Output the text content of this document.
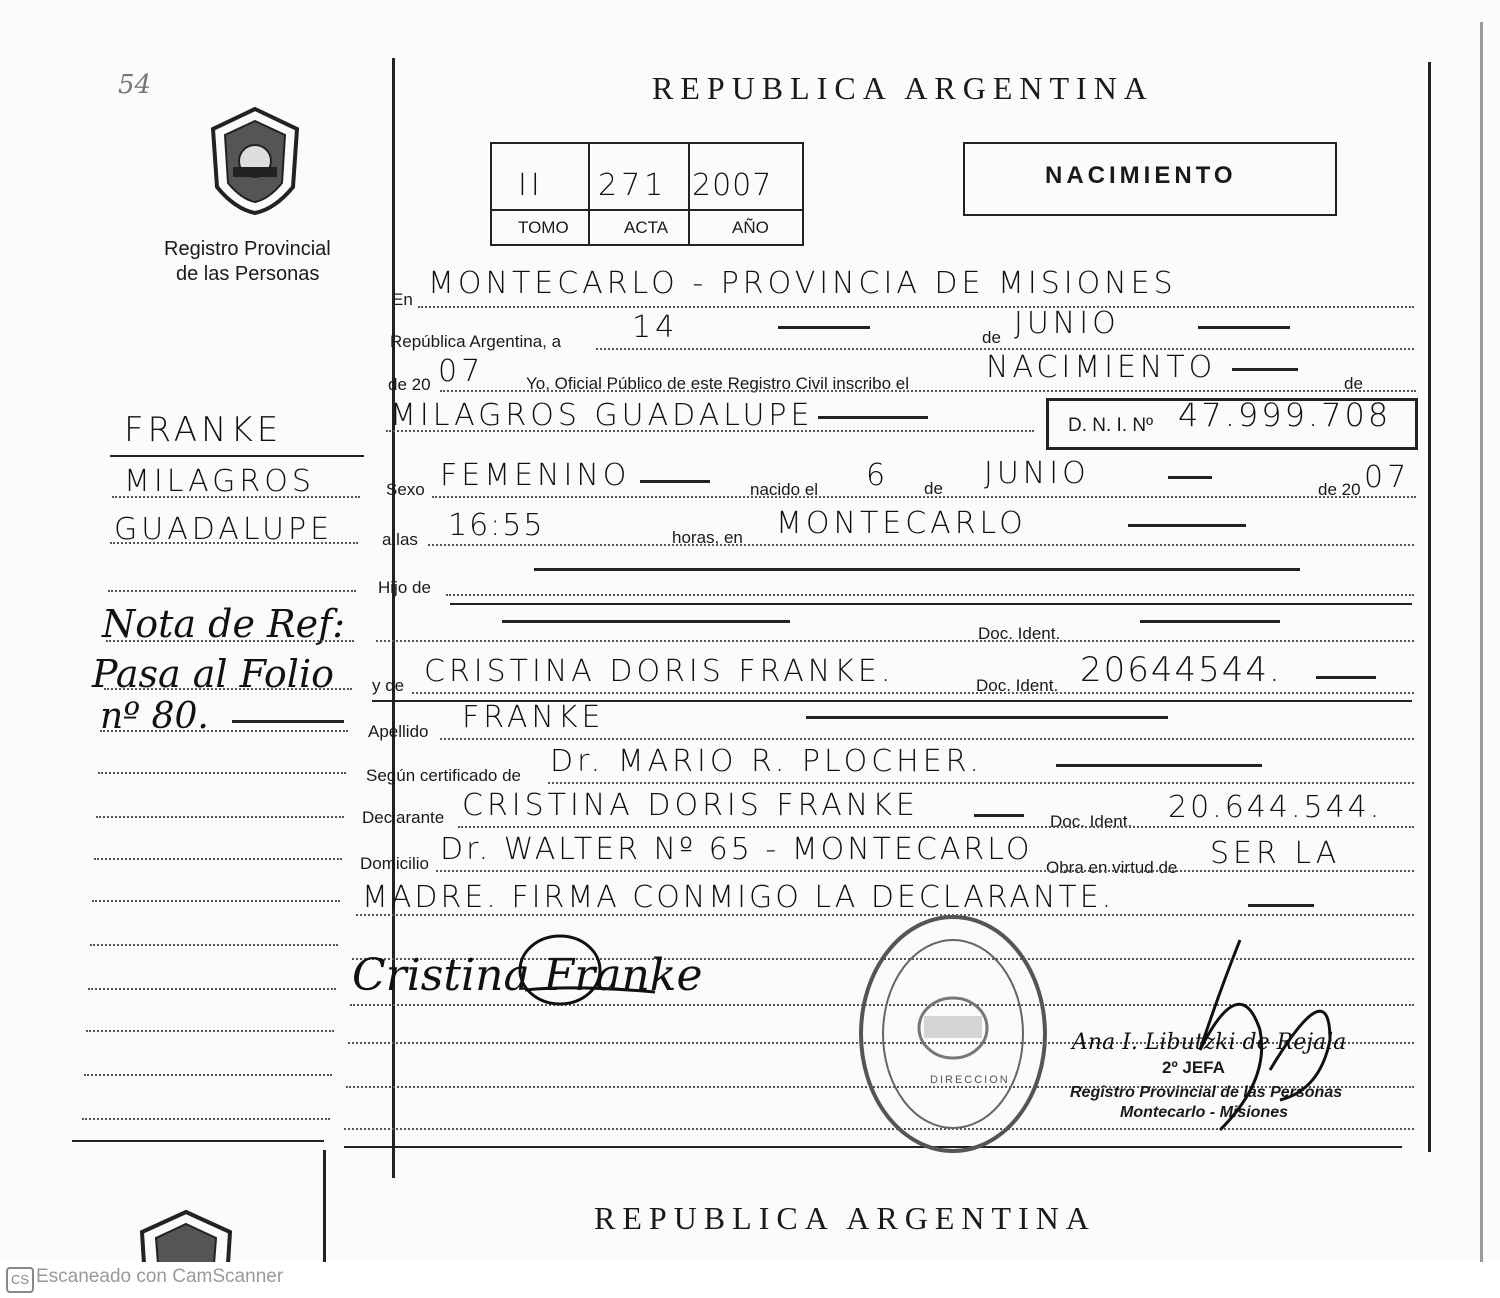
54
Registro Provincial
de las Personas
REPUBLICA ARGENTINA
II 271 2007
TOMO	ACTA	AÑO
NACIMIENTO
En MONTECARLO - PROVINCIA DE MISIONES
República Argentina, a 14	de JUNIO
de 20 07 Yo, Oficial Público de este Registro Civil inscribo el	NACIMIENTO	de
MILAGROS GUADALUPE	D. N. I. Nº 47.999.708
Sexo FEMENINO	nacido el 6 de JUNIO	de 20 07
a las 16:55	horas, en MONTECARLO
Hijo de
Doc. Ident.
y de CRISTINA DORIS FRANKE.	Doc. Ident. 20644544.
Apellido FRANKE
Según certificado de Dr. MARIO R. PLOCHER.
Declarante CRISTINA DORIS FRANKE	Doc. Ident. 20.644.544.
Domicilio Dr. WALTER Nº 65 - MONTECARLO
Obra en virtud de SER LA
MADRE. FIRMA CONMIGO LA DECLARANTE.
Cristina Franke
DIRECCION
Ana I. Libutzki de Rejala
2º JEFA
Registro Provincial de las Personas
Montecarlo - Misiones
FRANKE
MILAGROS
GUADALUPE
Nota de Ref:
Pasa al Folio
nº 80.
REPUBLICA ARGENTINA
CS Escaneado con CamScanner
